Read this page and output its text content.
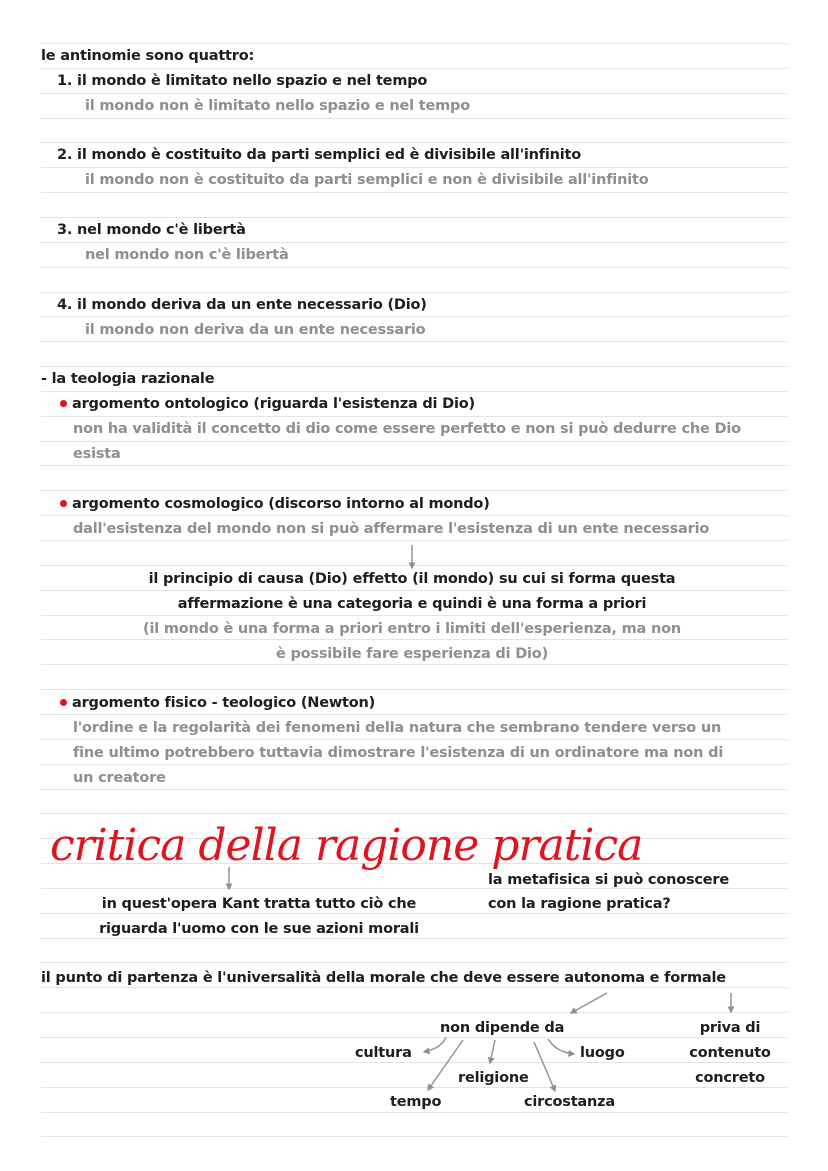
le antinomie sono quattro:
1. il mondo è limitato nello spazio e nel tempo
il mondo non è limitato nello spazio e nel tempo
2. il mondo è costituito da parti semplici ed è divisibile all'infinito
il mondo non è costituito da parti semplici e non è divisibile all'infinito
3. nel mondo c'è libertà
nel mondo non c'è libertà
4. il mondo deriva da un ente necessario (Dio)
il mondo non deriva da un ente necessario
- la teologia razionale
argomento ontologico (riguarda l'esistenza di Dio)
non ha validità il concetto di dio come essere perfetto e non si può dedurre che Dio
esista
argomento cosmologico (discorso intorno al mondo)
dall'esistenza del mondo non si può affermare l'esistenza di un ente necessario
il principio di causa (Dio) effetto (il mondo) su cui si forma questa
affermazione è una categoria e quindi è una forma a priori
(il mondo è una forma a priori entro i limiti dell'esperienza, ma non
è possibile fare esperienza di Dio)
argomento fisico - teologico (Newton)
l'ordine e la regolarità dei fenomeni della natura che sembrano tendere verso un
fine ultimo potrebbero tuttavia dimostrare l'esistenza di un ordinatore ma non di
un creatore
critica della ragione pratica
in quest'opera Kant tratta tutto ciò che
riguarda l'uomo con le sue azioni morali
la metafisica si può conoscere
con la ragione pratica?
il punto di partenza è l'universalità della morale che deve essere autonoma e formale
non dipende da
cultura
tempo
religione
circostanza
luogo
priva di
contenuto
concreto
